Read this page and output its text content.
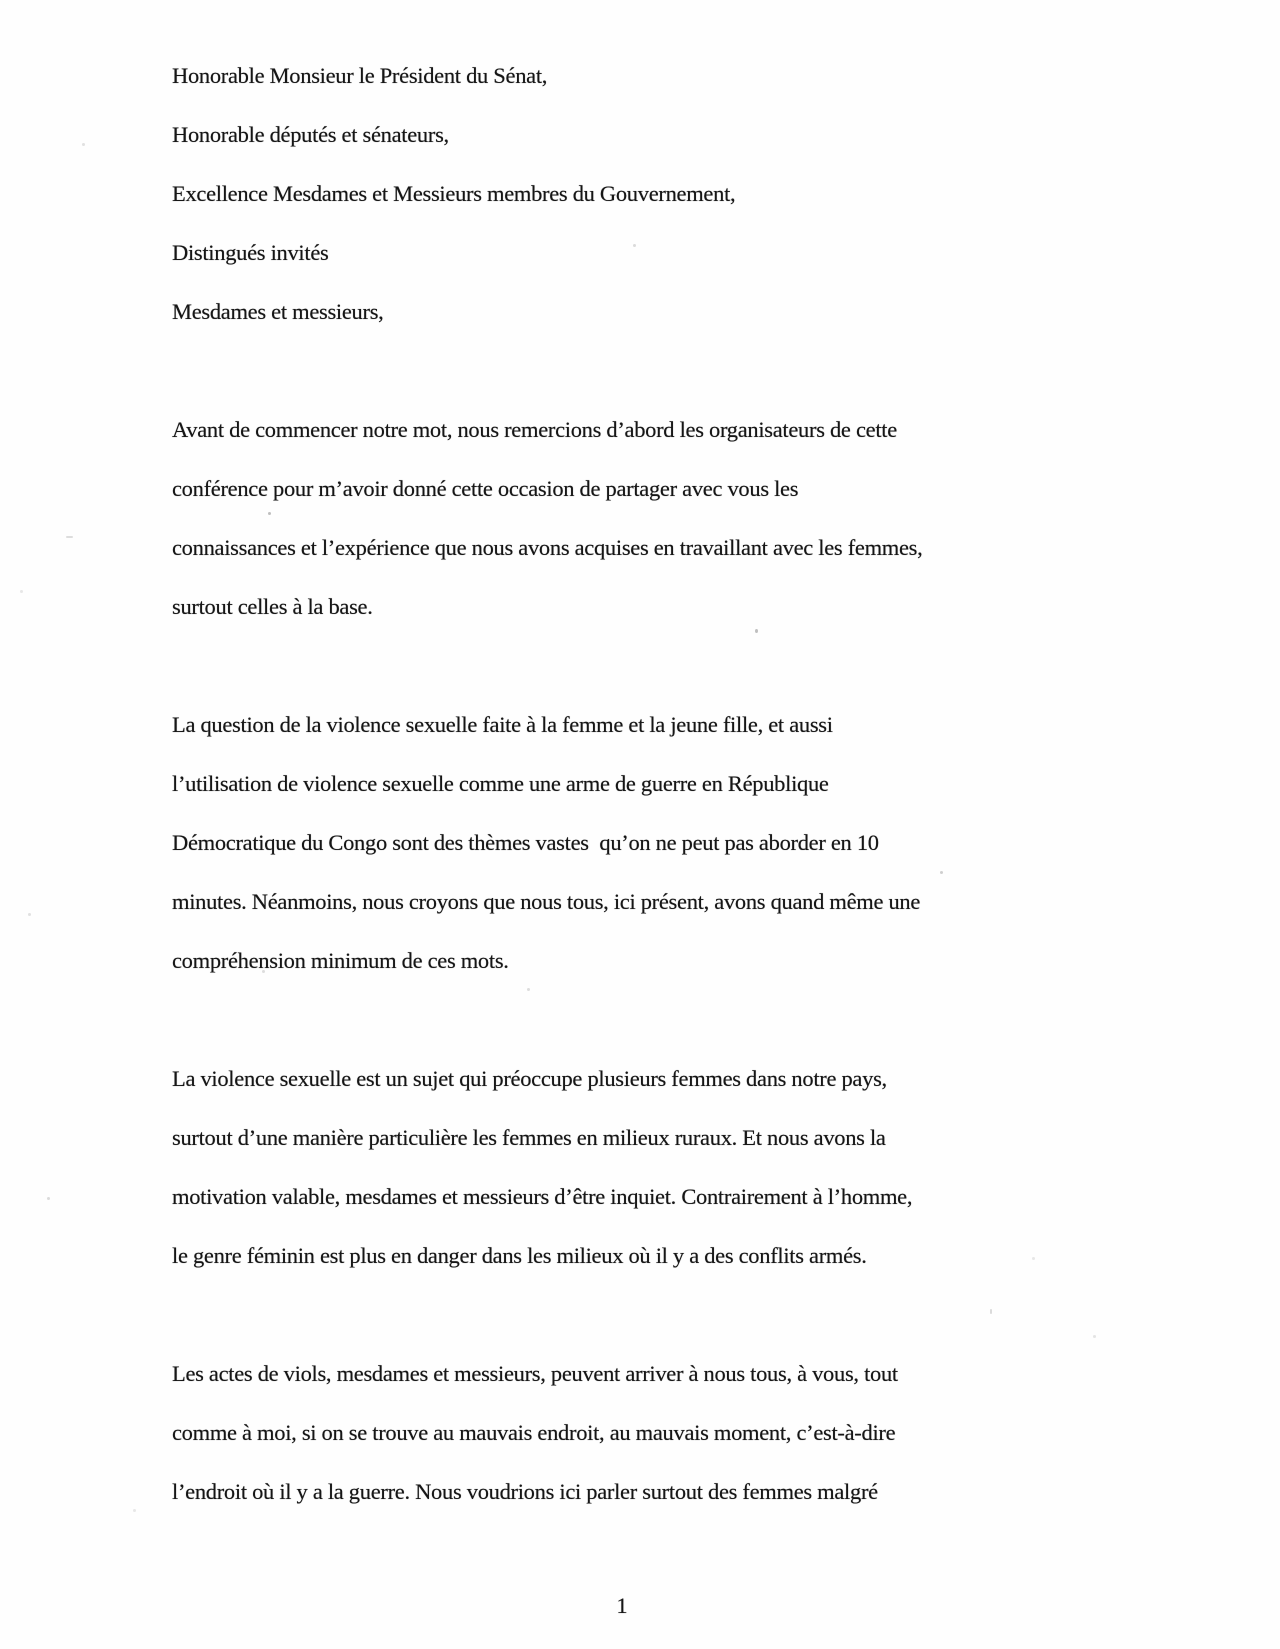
Honorable Monsieur le Président du Sénat,
Honorable députés et sénateurs,
Excellence Mesdames et Messieurs membres du Gouvernement,
Distingués invités
Mesdames et messieurs,
Avant de commencer notre mot, nous remercions d’abord les organisateurs de cette
conférence pour m’avoir donné cette occasion de partager avec vous les
connaissances et l’expérience que nous avons acquises en travaillant avec les femmes,
surtout celles à la base.
La question de la violence sexuelle faite à la femme et la jeune fille, et aussi
l’utilisation de violence sexuelle comme une arme de guerre en République
Démocratique du Congo sont des thèmes vastes  qu’on ne peut pas aborder en 10
minutes. Néanmoins, nous croyons que nous tous, ici présent, avons quand même une
compréhension minimum de ces mots.
La violence sexuelle est un sujet qui préoccupe plusieurs femmes dans notre pays,
surtout d’une manière particulière les femmes en milieux ruraux. Et nous avons la
motivation valable, mesdames et messieurs d’être inquiet. Contrairement à l’homme,
le genre féminin est plus en danger dans les milieux où il y a des conflits armés.
Les actes de viols, mesdames et messieurs, peuvent arriver à nous tous, à vous, tout
comme à moi, si on se trouve au mauvais endroit, au mauvais moment, c’est-à-dire
l’endroit où il y a la guerre. Nous voudrions ici parler surtout des femmes malgré
1
